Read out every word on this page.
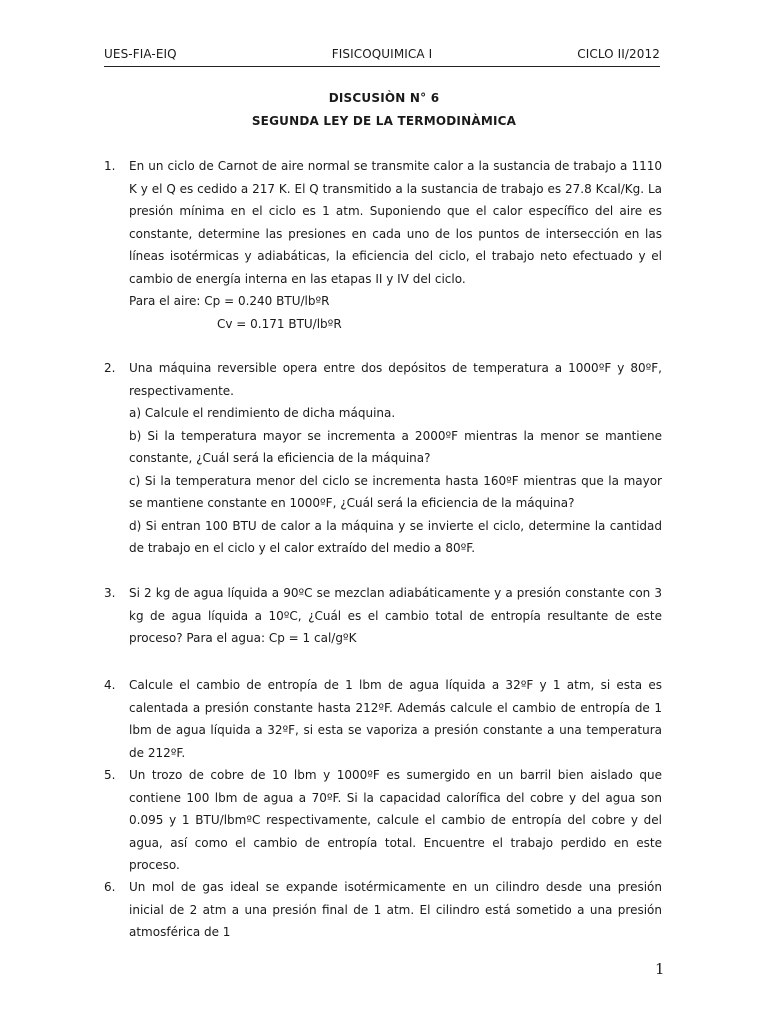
UES-FIA-EIQ	FISICOQUIMICA I	CICLO II/2012
DISCUSIÒN N° 6
SEGUNDA LEY DE LA TERMODINÀMICA
1. En un ciclo de Carnot de aire normal se transmite calor a la sustancia de trabajo a 1110 K y el Q es cedido a 217 K. El Q transmitido a la sustancia de trabajo es 27.8 Kcal/Kg. La presión mínima en el ciclo es 1 atm. Suponiendo que el calor específico del aire es constante, determine las presiones en cada uno de los puntos de intersección en las líneas isotérmicas y adiabáticas, la eficiencia del ciclo, el trabajo neto efectuado y el cambio de energía interna en las etapas II y IV del ciclo.

Para el aire: Cp = 0.240 BTU/lbºR

Cv = 0.171 BTU/lbºR

2. Una máquina reversible opera entre dos depósitos de temperatura a 1000ºF y 80ºF, respectivamente.

a) Calcule el rendimiento de dicha máquina.

b) Si la temperatura mayor se incrementa a 2000ºF mientras la menor se mantiene constante, ¿Cuál será la eficiencia de la máquina?

c) Si la temperatura menor del ciclo se incrementa hasta 160ºF mientras que la mayor se mantiene constante en 1000ºF, ¿Cuál será la eficiencia de la máquina?

d) Si entran 100 BTU de calor a la máquina y se invierte el ciclo, determine la cantidad de trabajo en el ciclo y el calor extraído del medio a 80ºF.

3. Si 2 kg de agua líquida a 90ºC se mezclan adiabáticamente y a presión constante con 3 kg de agua líquida a 10ºC, ¿Cuál es el cambio total de entropía resultante de este proceso? Para el agua: Cp = 1 cal/gºK

4. Calcule el cambio de entropía de 1 lbm de agua líquida a 32ºF y 1 atm, si esta es calentada a presión constante hasta 212ºF. Además calcule el cambio de entropía de 1 lbm de agua líquida a 32ºF, si esta se vaporiza a presión constante a una temperatura de 212ºF.

5. Un trozo de cobre de 10 lbm y 1000ºF es sumergido en un barril bien aislado que contiene 100 lbm de agua a 70ºF. Si la capacidad calorífica del cobre y del agua son 0.095 y 1 BTU/lbmºC respectivamente, calcule el cambio de entropía del cobre y del agua, así como el cambio de entropía total. Encuentre el trabajo perdido en este proceso.

6. Un mol de gas ideal se expande isotérmicamente en un cilindro desde una presión inicial de 2 atm a una presión final de 1 atm. El cilindro está sometido a una presión atmosférica de 1

1
